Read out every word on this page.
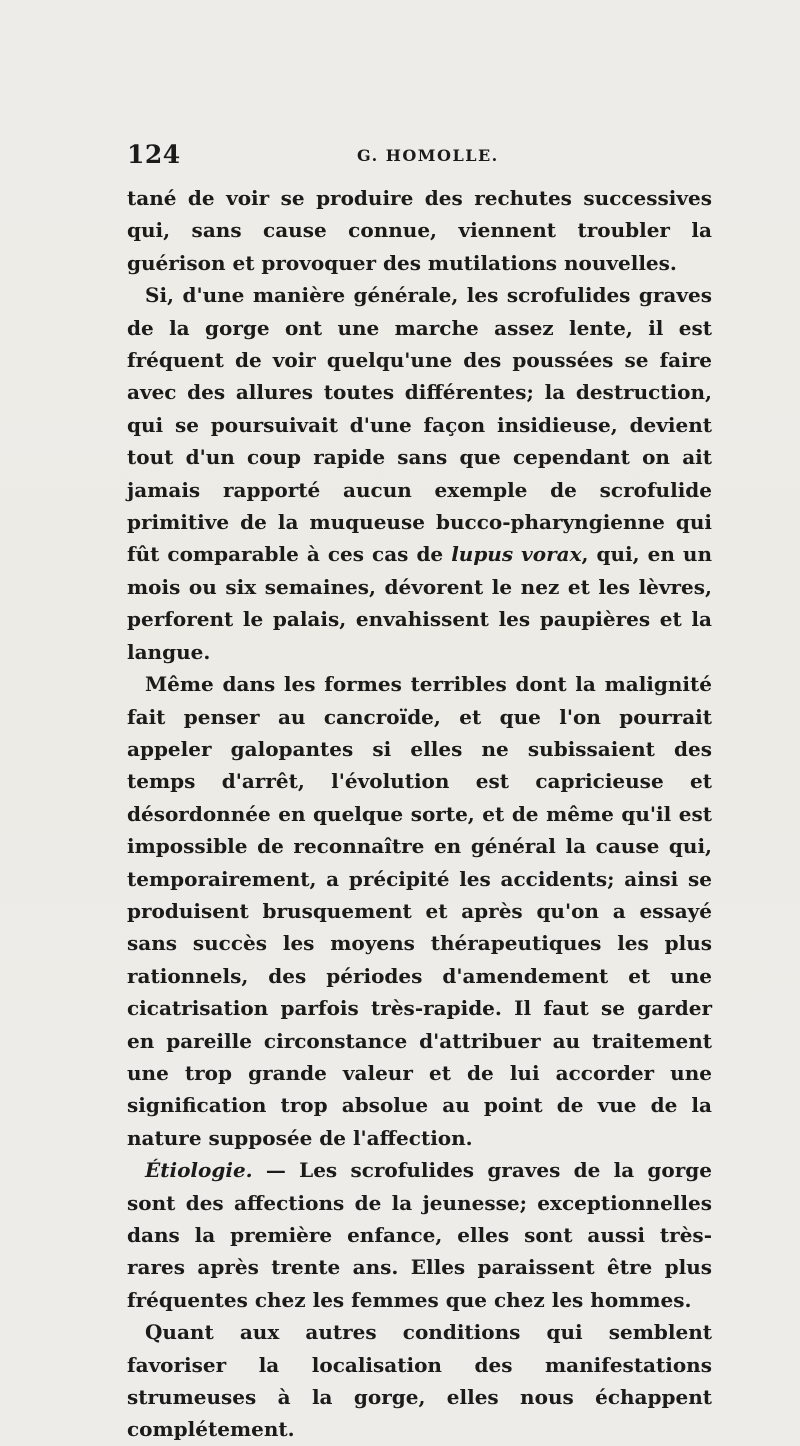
124	G. HOMOLLE.

tané de voir se produire des rechutes successives qui, sans cause connue, viennent troubler la guérison et provoquer des mutilations nouvelles.

Si, d'une manière générale, les scrofulides graves de la gorge ont une marche assez lente, il est fréquent de voir quelqu'une des poussées se faire avec des allures toutes différentes; la destruction, qui se poursuivait d'une façon insidieuse, devient tout d'un coup rapide sans que cependant on ait jamais rapporté aucun exemple de scrofulide primitive de la muqueuse bucco-pharyngienne qui fût comparable à ces cas de lupus vorax, qui, en un mois ou six semaines, dévorent le nez et les lèvres, perforent le palais, envahissent les paupières et la langue.

Même dans les formes terribles dont la malignité fait penser au cancroïde, et que l'on pourrait appeler galopantes si elles ne subissaient des temps d'arrêt, l'évolution est capricieuse et désordonnée en quelque sorte, et de même qu'il est impossible de reconnaître en général la cause qui, temporairement, a précipité les accidents; ainsi se produisent brusquement et après qu'on a essayé sans succès les moyens thérapeutiques les plus rationnels, des périodes d'amendement et une cicatrisation parfois très-rapide. Il faut se garder en pareille circonstance d'attribuer au traitement une trop grande valeur et de lui accorder une signification trop absolue au point de vue de la nature supposée de l'affection.

Étiologie. — Les scrofulides graves de la gorge sont des affections de la jeunesse; exceptionnelles dans la première enfance, elles sont aussi très-rares après trente ans. Elles paraissent être plus fréquentes chez les femmes que chez les hommes.

Quant aux autres conditions qui semblent favoriser la localisation des manifestations strumeuses à la gorge, elles nous échappent complétement.
